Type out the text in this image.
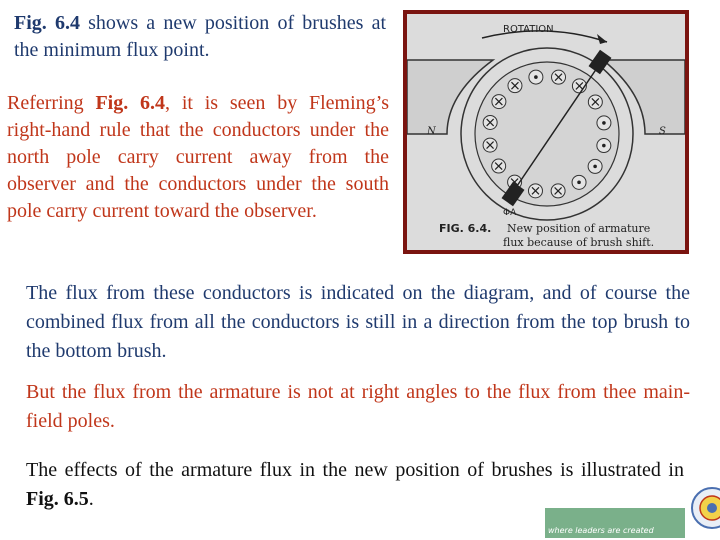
Fig. 6.4 shows a new position of brushes at the minimum flux point.
Referring Fig. 6.4, it is seen by Fleming’s right-hand rule that the conductors under the north pole carry current away from the observer and the conductors under the south pole carry current toward the observer.
ROTATION
N	S
ΦA
FIG. 6.4. New position of armature
flux because of brush shift.
The flux from these conductors is indicated on the diagram, and of course the combined flux from all the conductors is still in a direction from the top brush to the bottom brush.
But the flux from the armature is not at right angles to the flux from thee main-field poles.
The effects of the armature flux in the new position of brushes is illustrated in Fig. 6.5.
where leaders are created
